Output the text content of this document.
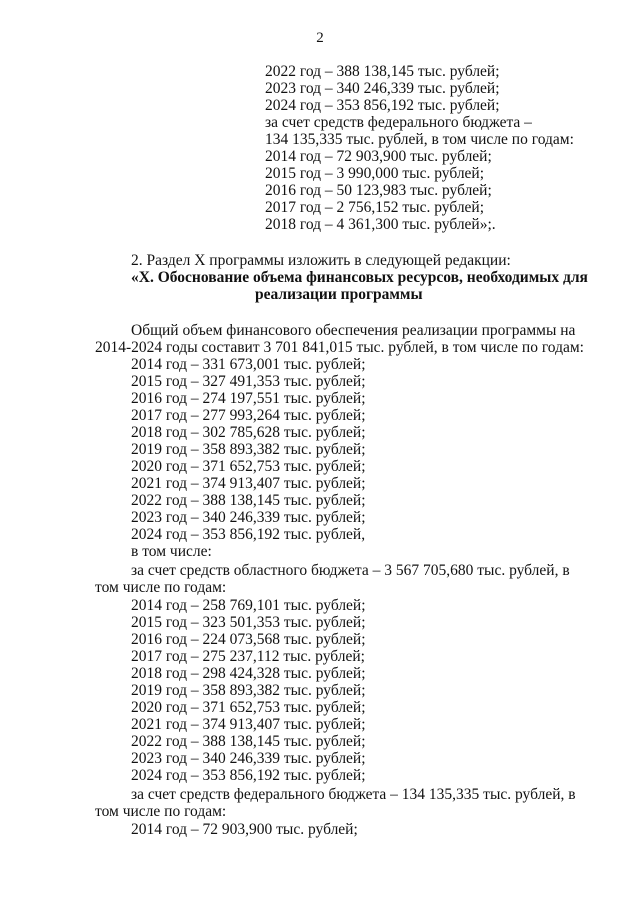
2
2022 год – 388 138,145 тыс. рублей;
2023 год – 340 246,339 тыс. рублей;
2024 год – 353 856,192 тыс. рублей;
за счет средств федерального бюджета –
134 135,335 тыс. рублей, в том числе по годам:
2014 год – 72 903,900 тыс. рублей;
2015 год – 3 990,000 тыс. рублей;
2016 год – 50 123,983 тыс. рублей;
2017 год – 2 756,152 тыс. рублей;
2018 год – 4 361,300 тыс. рублей»;.
2. Раздел X программы изложить в следующей редакции:
«X. Обоснование объема финансовых ресурсов, необходимых для
реализации программы
Общий объем финансового обеспечения реализации программы на
2014-2024 годы составит 3 701 841,015 тыс. рублей, в том числе по годам:
2014 год – 331 673,001 тыс. рублей;
2015 год – 327 491,353 тыс. рублей;
2016 год – 274 197,551 тыс. рублей;
2017 год – 277 993,264 тыс. рублей;
2018 год – 302 785,628 тыс. рублей;
2019 год – 358 893,382 тыс. рублей;
2020 год – 371 652,753 тыс. рублей;
2021 год – 374 913,407 тыс. рублей;
2022 год – 388 138,145 тыс. рублей;
2023 год – 340 246,339 тыс. рублей;
2024 год – 353 856,192 тыс. рублей,
в том числе:
за счет средств областного бюджета – 3 567 705,680 тыс. рублей, в
том числе по годам:
2014 год – 258 769,101 тыс. рублей;
2015 год – 323 501,353 тыс. рублей;
2016 год – 224 073,568 тыс. рублей;
2017 год – 275 237,112 тыс. рублей;
2018 год – 298 424,328 тыс. рублей;
2019 год – 358 893,382 тыс. рублей;
2020 год – 371 652,753 тыс. рублей;
2021 год – 374 913,407 тыс. рублей;
2022 год – 388 138,145 тыс. рублей;
2023 год – 340 246,339 тыс. рублей;
2024 год – 353 856,192 тыс. рублей;
за счет средств федерального бюджета – 134 135,335 тыс. рублей, в
том числе по годам:
2014 год – 72 903,900 тыс. рублей;
